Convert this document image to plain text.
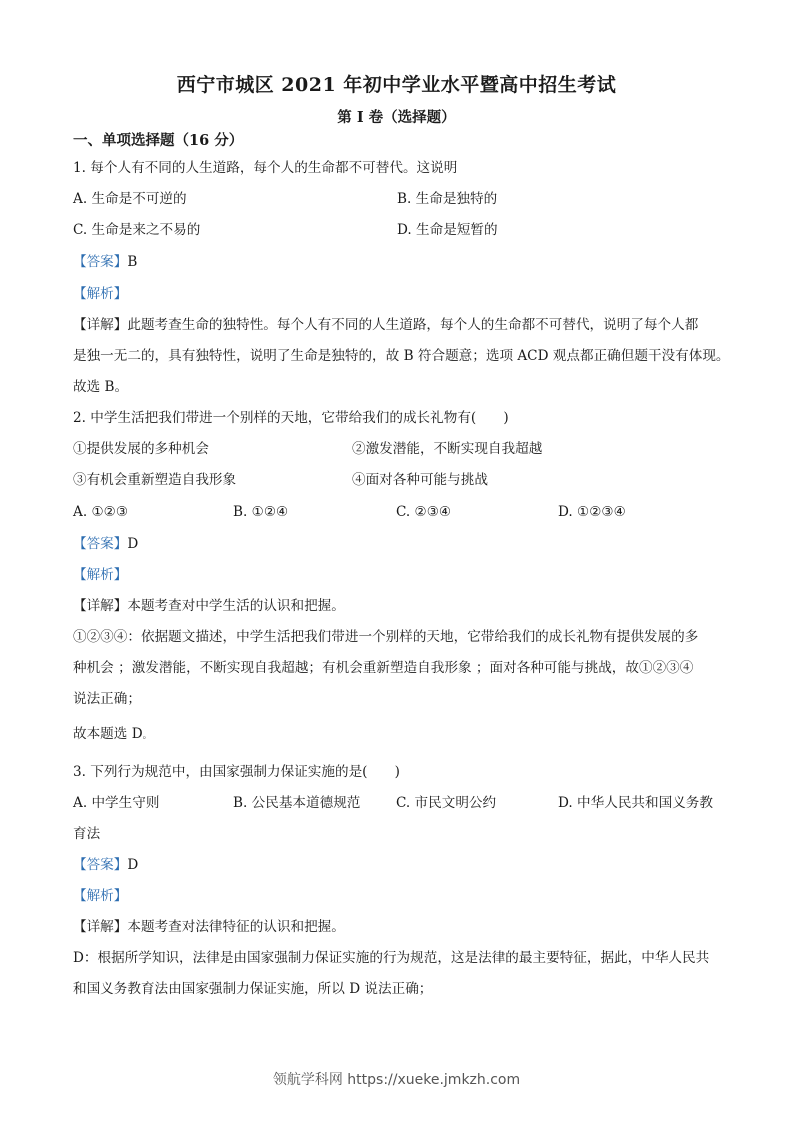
西宁市城区 2021 年初中学业水平暨高中招生考试
第 I 卷（选择题）
一、单项选择题（16 分）
1. 每个人有不同的人生道路，每个人的生命都不可替代。这说明
A. 生命是不可逆的	B. 生命是独特的
C. 生命是来之不易的	D. 生命是短暂的
【答案】B
【解析】
【详解】此题考查生命的独特性。每个人有不同的人生道路，每个人的生命都不可替代，说明了每个人都
是独一无二的，具有独特性，说明了生命是独特的，故 B 符合题意；选项 ACD 观点都正确但题干没有体现。
故选 B。
2. 中学生活把我们带进一个别样的天地，它带给我们的成长礼物有(　　)
①提供发展的多种机会	②激发潜能，不断实现自我超越
③有机会重新塑造自我形象	④面对各种可能与挑战
A. ①②③	B. ①②④	C. ②③④	D. ①②③④
【答案】D
【解析】
【详解】本题考查对中学生活的认识和把握。
①②③④：依据题文描述，中学生活把我们带进一个别样的天地，它带给我们的成长礼物有提供发展的多
种机会 ；激发潜能，不断实现自我超越；有机会重新塑造自我形象 ；面对各种可能与挑战，故①②③④
说法正确；
故本题选 D。
3. 下列行为规范中，由国家强制力保证实施的是(　　)
A. 中学生守则	B. 公民基本道德规范	C. 市民文明公约	D. 中华人民共和国义务教
育法
【答案】D
【解析】
【详解】本题考查对法律特征的认识和把握。
D：根据所学知识，法律是由国家强制力保证实施的行为规范，这是法律的最主要特征，据此，中华人民共
和国义务教育法由国家强制力保证实施，所以 D 说法正确；
领航学科网 https://xueke.jmkzh.com
